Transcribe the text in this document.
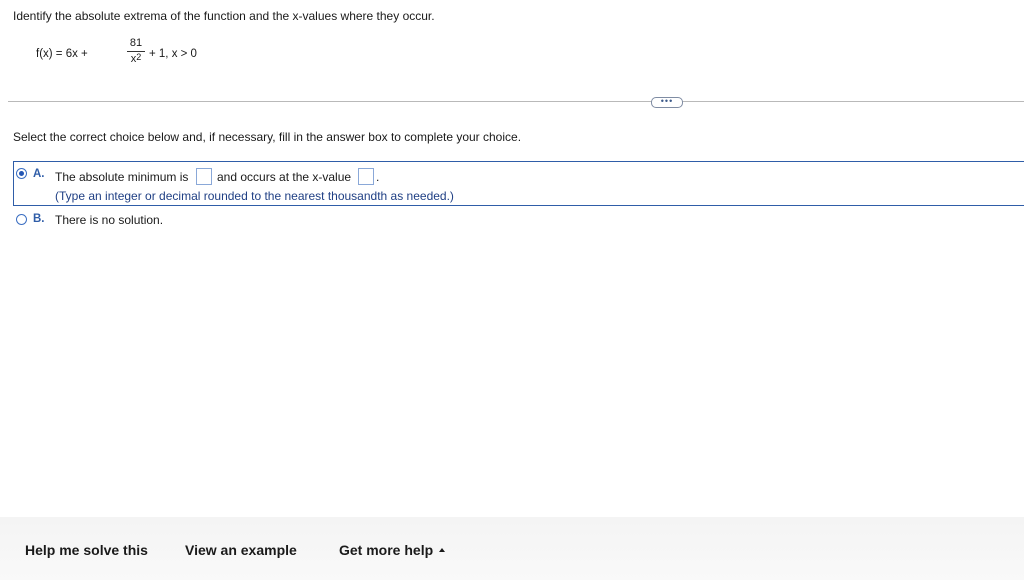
Identify the absolute extrema of the function and the x-values where they occur.
f(x) = 6x +
81
$x^2 + 1$, x > 0
•••
Select the correct choice below and, if necessary, fill in the answer box to complete your choice.
A. The absolute minimum is and occurs at the x-value .
(Type an integer or decimal rounded to the nearest thousandth as needed.)
B. There is no solution.
Help me solve this	View an example	Get more help
